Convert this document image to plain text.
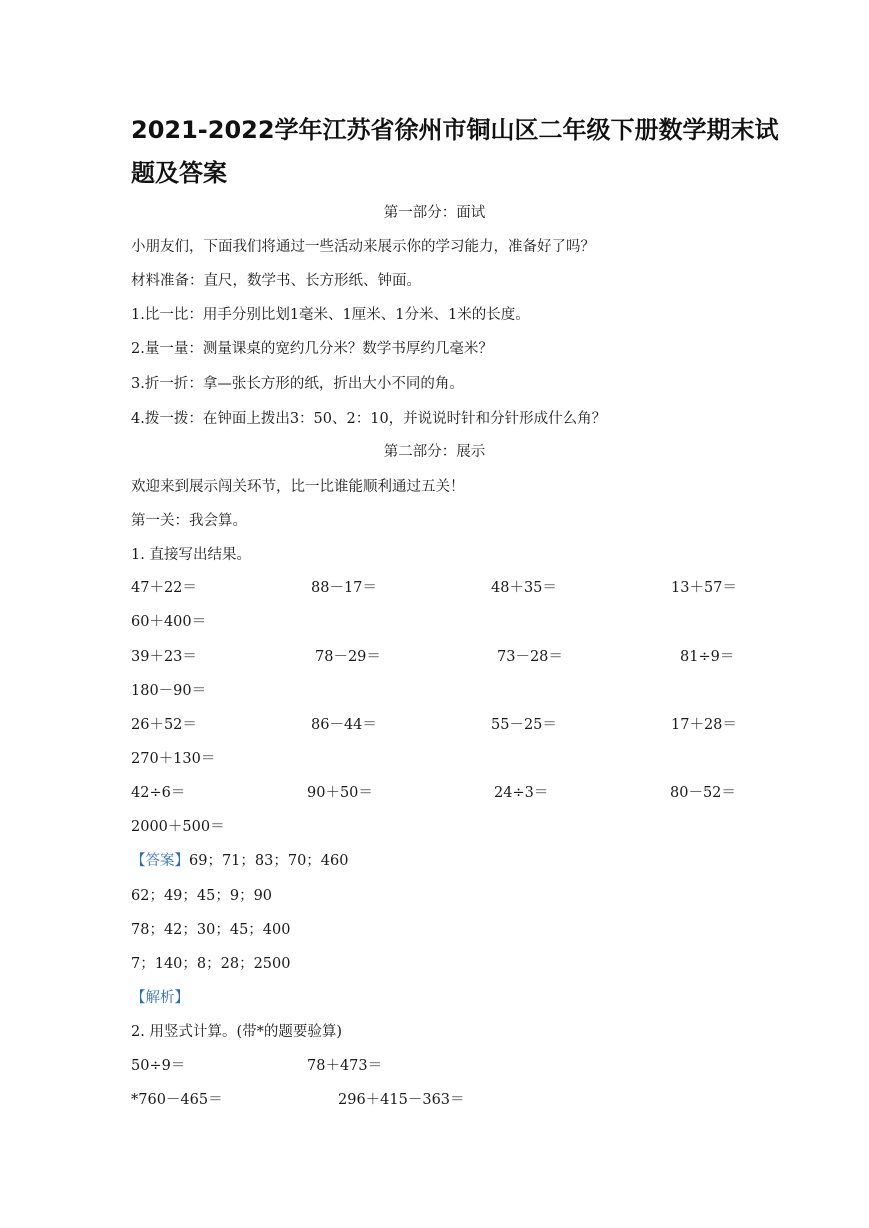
2021-2022学年江苏省徐州市铜山区二年级下册数学期末试
题及答案
第一部分：面试
小朋友们，下面我们将通过一些活动来展示你的学习能力，准备好了吗？
材料准备：直尺，数学书、长方形纸、钟面。
1.比一比：用手分别比划1毫米、1厘米、1分米、1米的长度。
2.量一量：测量课桌的宽约几分米？数学书厚约几毫米？
3.折一折：拿—张长方形的纸，折出大小不同的角。
4.拨一拨：在钟面上拨出3：50、2：10，并说说时针和分针形成什么角？
第二部分：展示
欢迎来到展示闯关环节，比一比谁能顺利通过五关！
第一关：我会算。
1. 直接写出结果。
47＋22＝	88－17＝	48＋35＝	13＋57＝
60＋400＝
39＋23＝	78－29＝	73－28＝	81÷9＝
180－90＝
26＋52＝	86－44＝	55－25＝	17＋28＝
270＋130＝
42÷6＝	90＋50＝	24÷3＝	80－52＝
2000＋500＝
【答案】69；71；83；70；460
62；49；45；9；90
78；42；30；45；400
7；140；8；28；2500
【解析】
2. 用竖式计算。(带*的题要验算)
50÷9＝	78＋473＝
*760－465＝	296＋415－363＝
